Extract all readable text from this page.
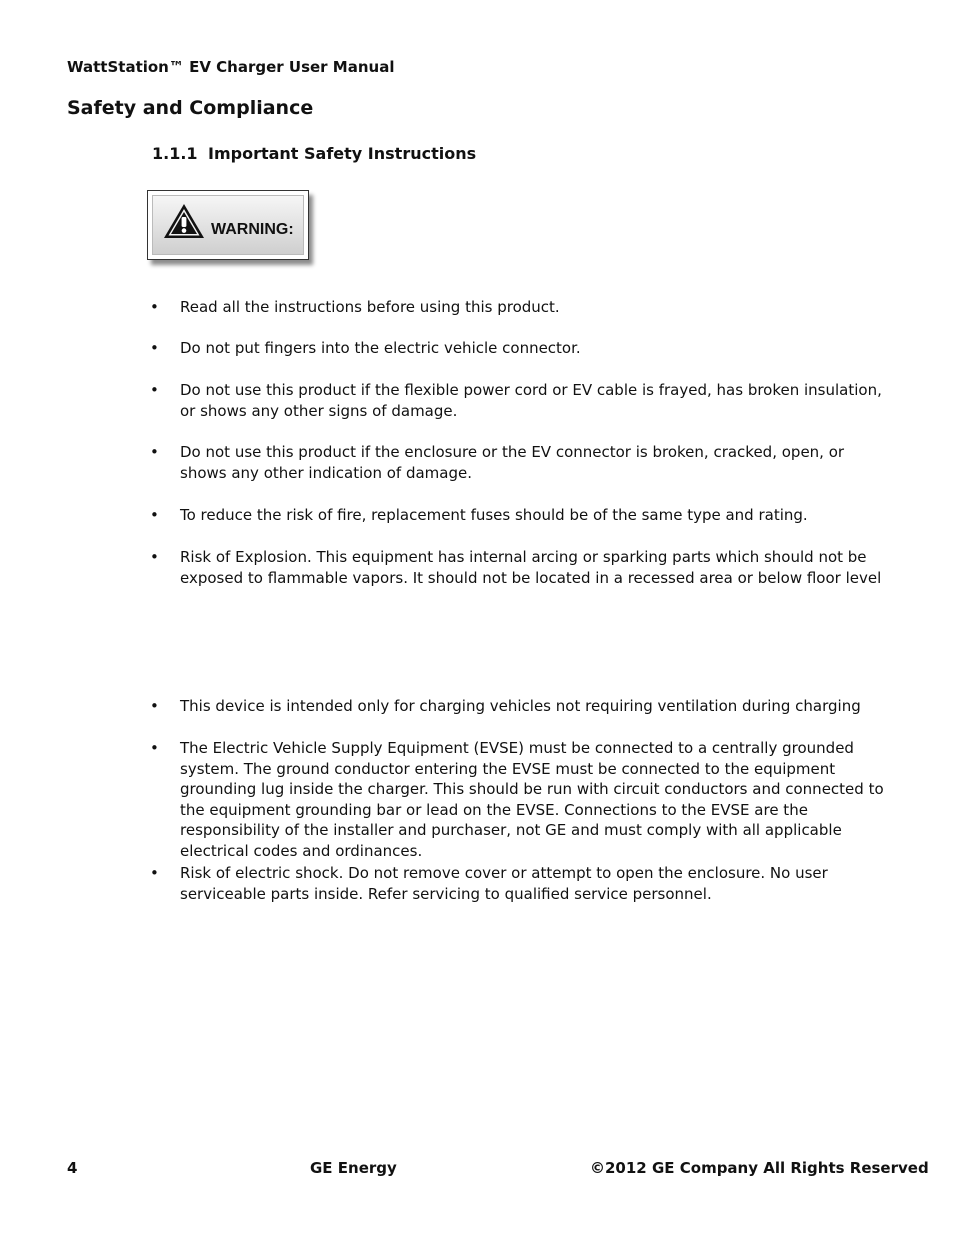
WattStation™ EV Charger User Manual
Safety and Compliance
1.1.1 Important Safety Instructions
WARNING:
• Read all the instructions before using this product.
• Do not put fingers into the electric vehicle connector.
• Do not use this product if the flexible power cord or EV cable is frayed, has broken insulation, or shows any other signs of damage.
• Do not use this product if the enclosure or the EV connector is broken, cracked, open, or shows any other indication of damage.
• To reduce the risk of fire, replacement fuses should be of the same type and rating.
• Risk of Explosion. This equipment has internal arcing or sparking parts which should not be exposed to flammable vapors. It should not be located in a recessed area or below floor level
• This device is intended only for charging vehicles not requiring ventilation during charging
• The Electric Vehicle Supply Equipment (EVSE) must be connected to a centrally grounded system. The ground conductor entering the EVSE must be connected to the equipment grounding lug inside the charger. This should be run with circuit conductors and connected to the equipment grounding bar or lead on the EVSE. Connections to the EVSE are the responsibility of the installer and purchaser, not GE and must comply with all applicable electrical codes and ordinances.
• Risk of electric shock. Do not remove cover or attempt to open the enclosure. No user serviceable parts inside. Refer servicing to qualified service personnel.
4	GE Energy	©2012 GE Company All Rights Reserved
